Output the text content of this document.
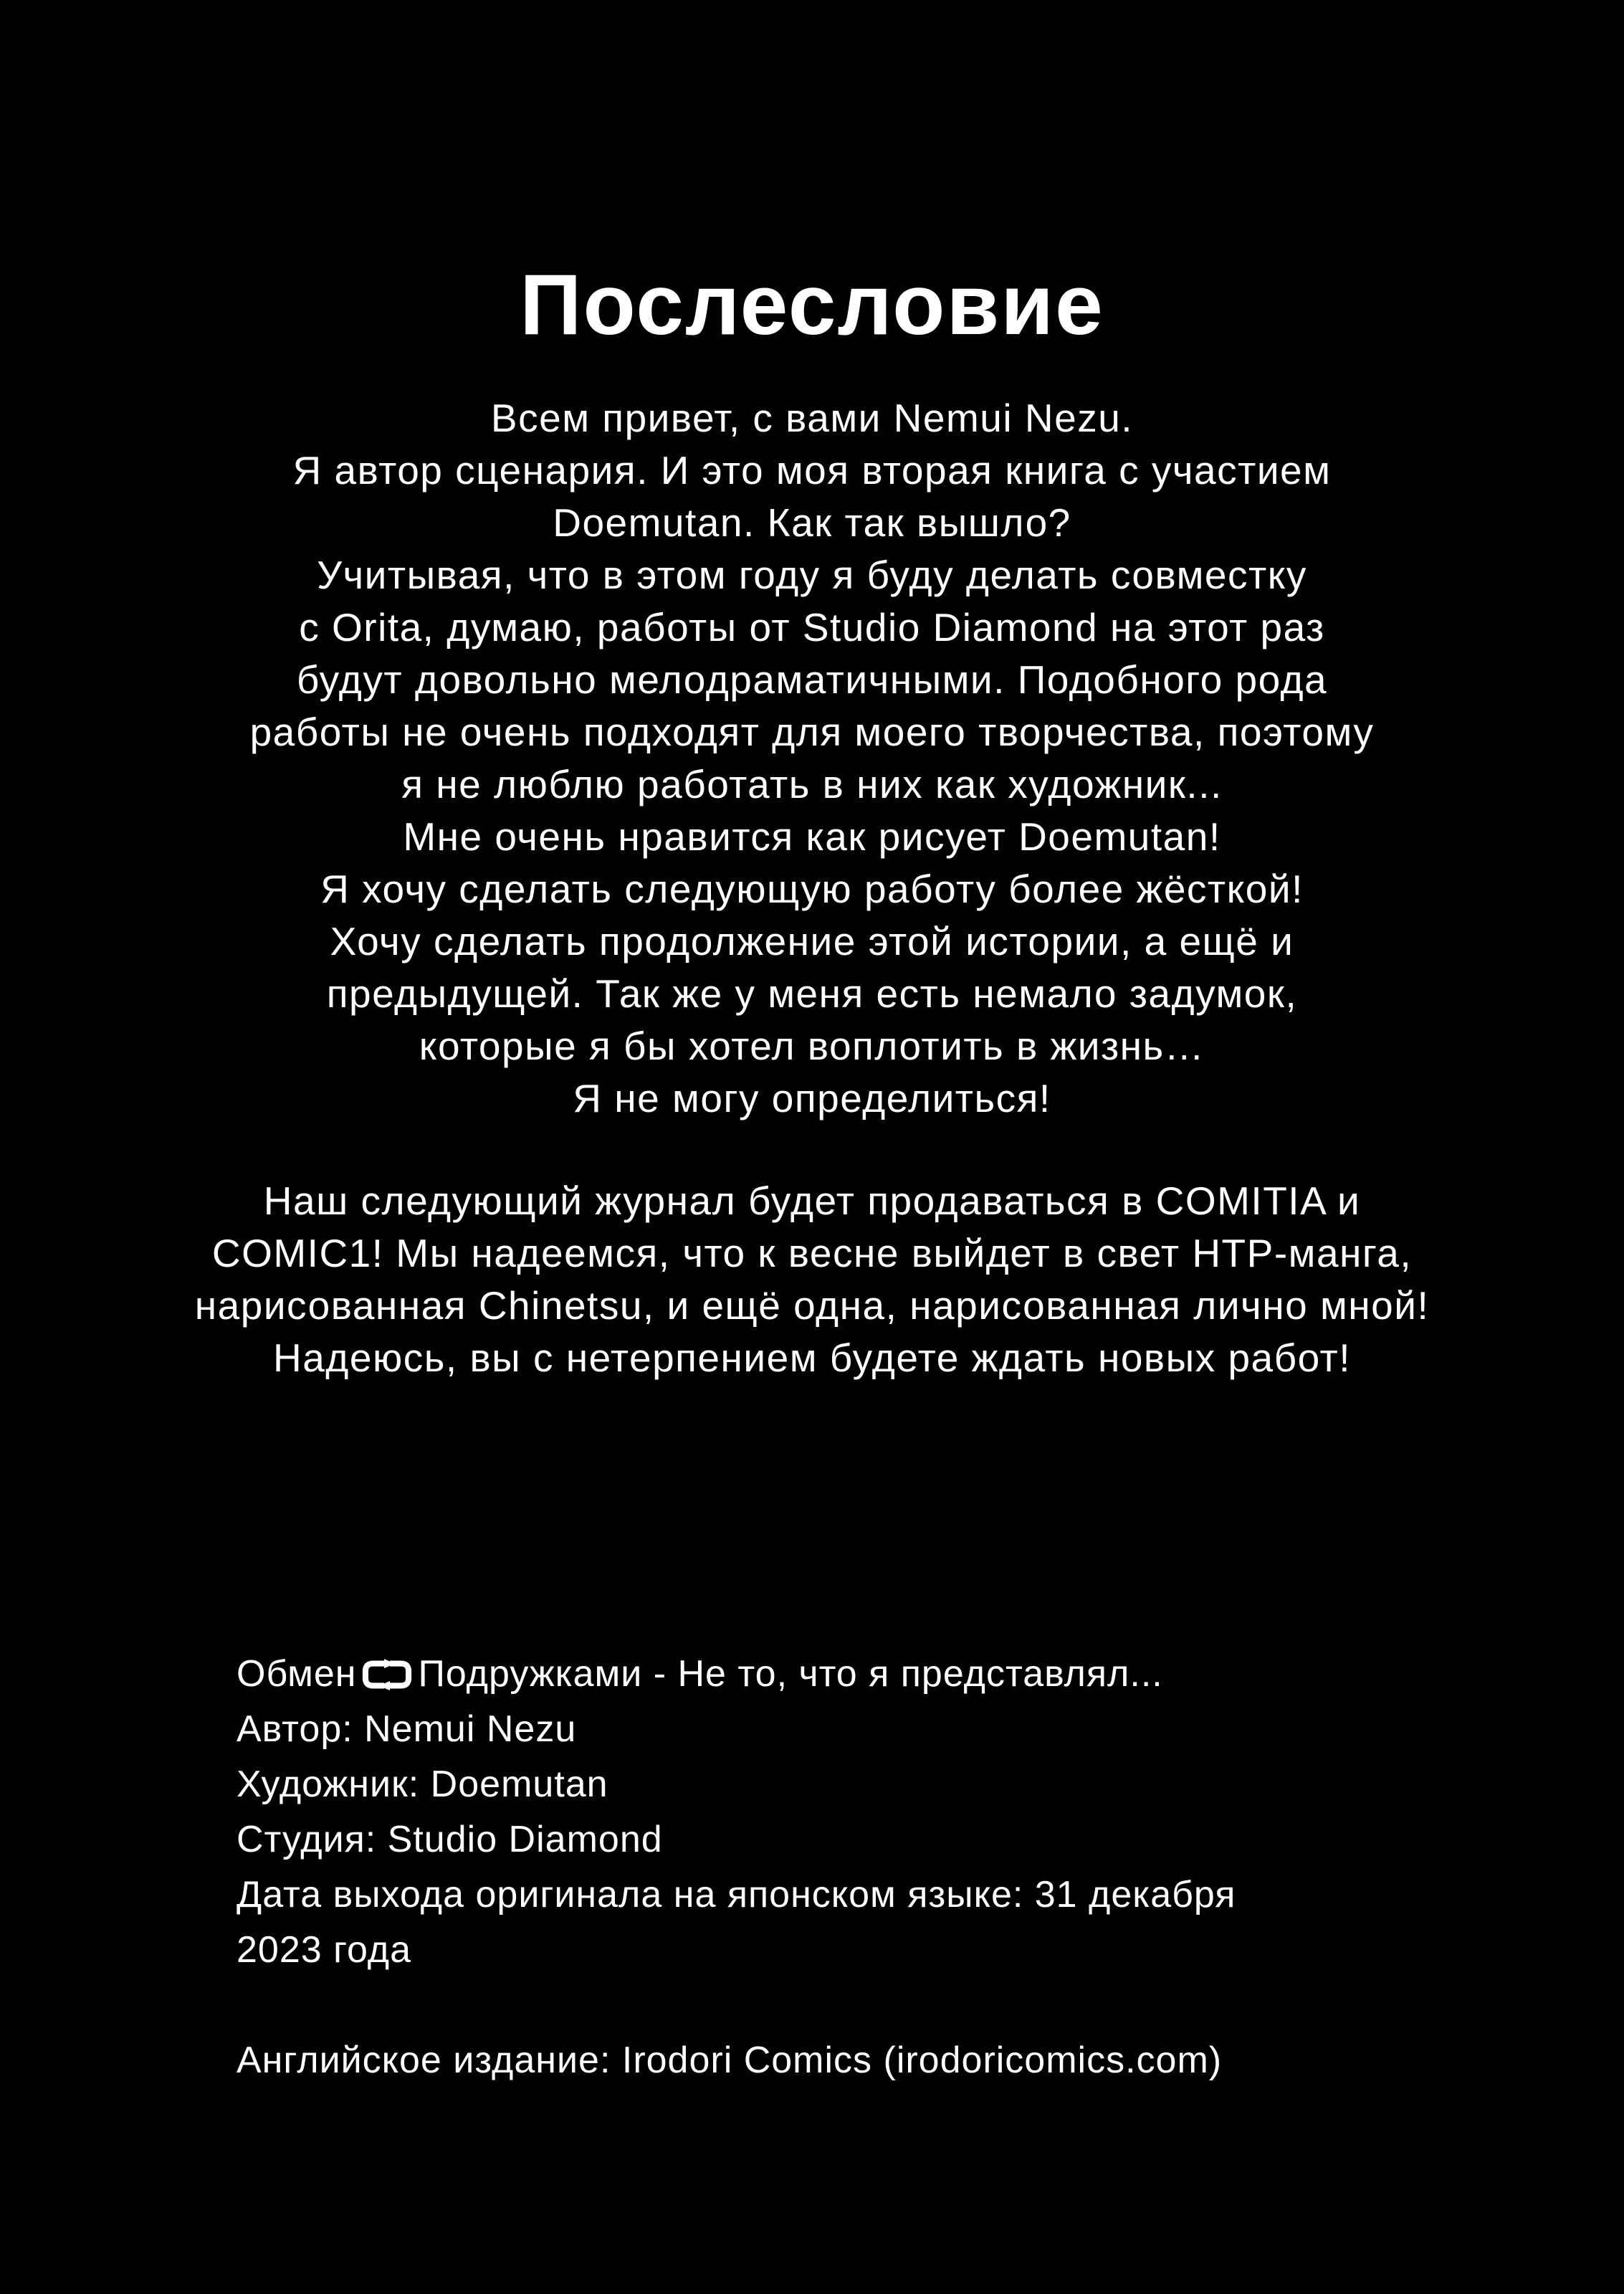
Послесловие
Всем привет, с вами Nemui Nezu.
Я автор сценария. И это моя вторая книга с участием
Doemutan. Как так вышло?
Учитывая, что в этом году я буду делать совместку
с Orita, думаю, работы от Studio Diamond на этот раз
будут довольно мелодраматичными. Подобного рода
работы не очень подходят для моего творчества, поэтому
я не люблю работать в них как художник...
Мне очень нравится как рисует Doemutan!
Я хочу сделать следующую работу более жёсткой!
Хочу сделать продолжение этой истории, а ещё и
предыдущей. Так же у меня есть немало задумок,
которые я бы хотел воплотить в жизнь…
Я не могу определиться!
Наш следующий журнал будет продаваться в COMITIA и
COMIC1! Мы надеемся, что к весне выйдет в свет НТР-манга,
нарисованная Chinetsu, и ещё одна, нарисованная лично мной!
Надеюсь, вы с нетерпением будете ждать новых работ!
Обмен Подружками - Не то, что я представлял...
Автор: Nemui Nezu
Художник: Doemutan
Студия: Studio Diamond
Дата выхода оригинала на японском языке: 31 декабря
2023 года
Английское издание: Irodori Comics (irodoricomics.com)
